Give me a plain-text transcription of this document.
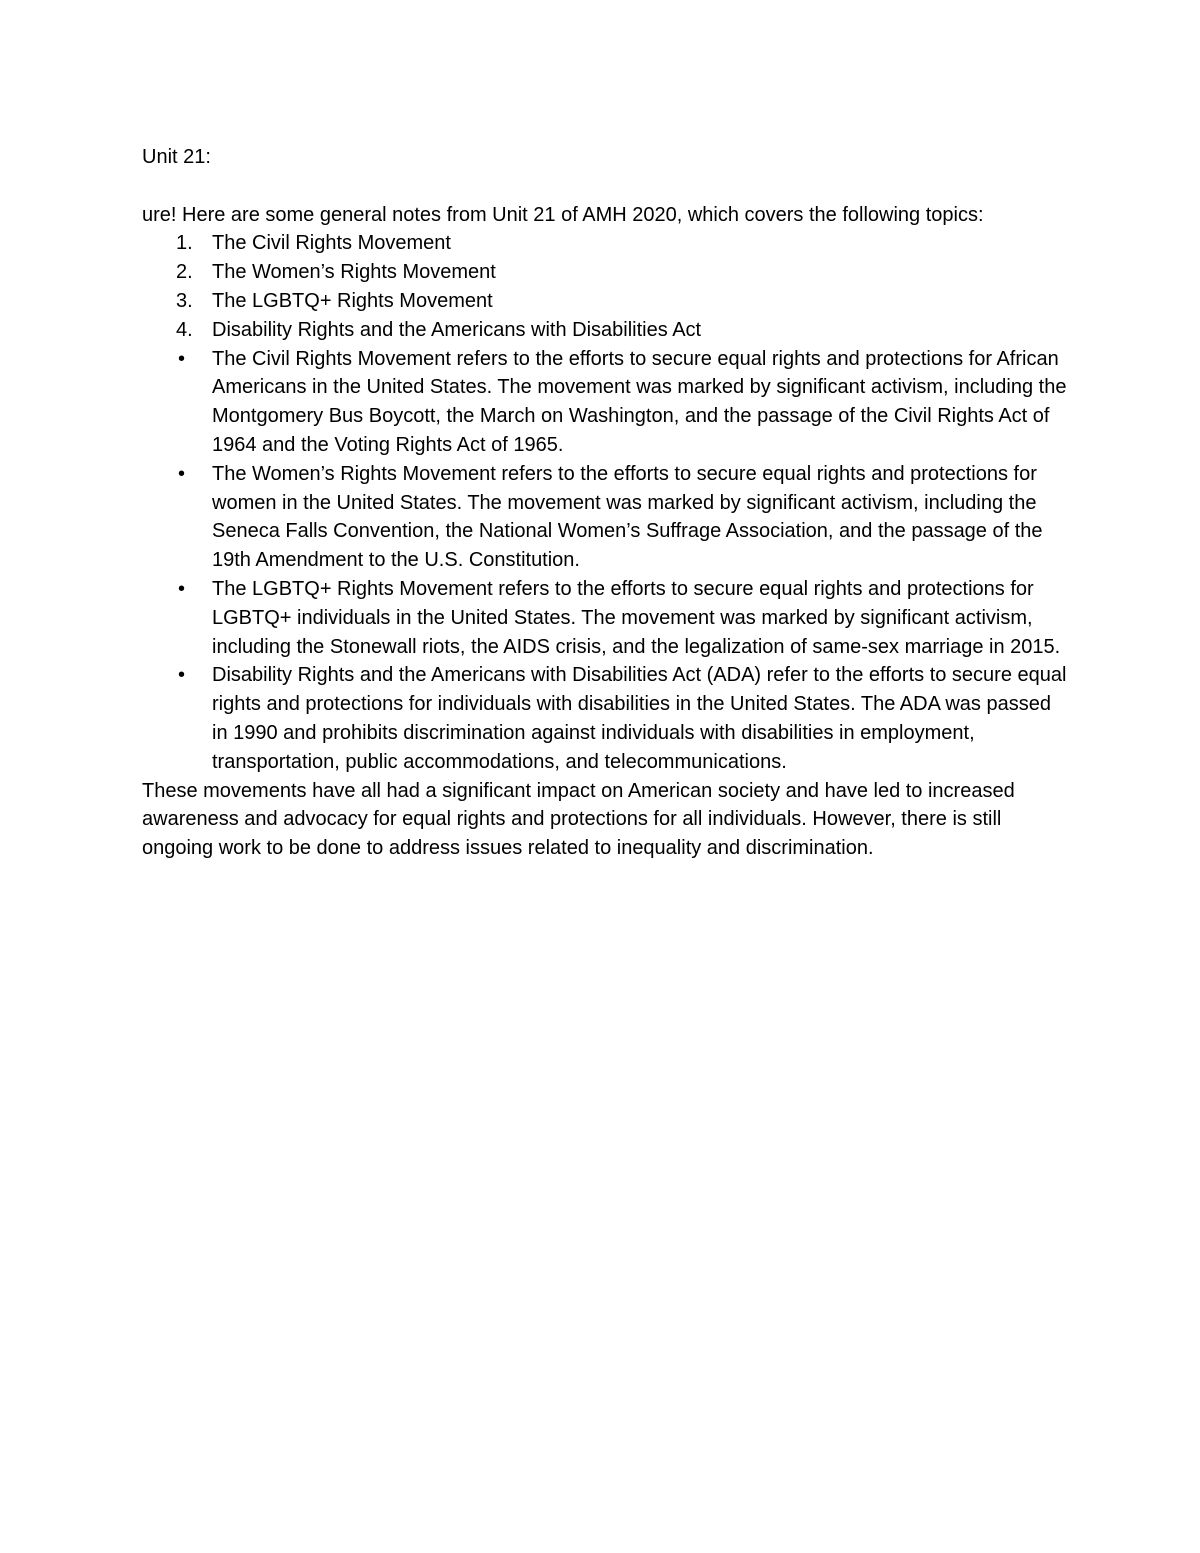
Unit 21:

ure! Here are some general notes from Unit 21 of AMH 2020, which covers the following topics:

1. The Civil Rights Movement
2. The Women’s Rights Movement
3. The LGBTQ+ Rights Movement
4. Disability Rights and the Americans with Disabilities Act
• The Civil Rights Movement refers to the efforts to secure equal rights and protections for African Americans in the United States. The movement was marked by significant activism, including the Montgomery Bus Boycott, the March on Washington, and the passage of the Civil Rights Act of 1964 and the Voting Rights Act of 1965.
• The Women’s Rights Movement refers to the efforts to secure equal rights and protections for women in the United States. The movement was marked by significant activism, including the Seneca Falls Convention, the National Women’s Suffrage Association, and the passage of the 19th Amendment to the U.S. Constitution.
• The LGBTQ+ Rights Movement refers to the efforts to secure equal rights and protections for LGBTQ+ individuals in the United States. The movement was marked by significant activism, including the Stonewall riots, the AIDS crisis, and the legalization of same-sex marriage in 2015.
• Disability Rights and the Americans with Disabilities Act (ADA) refer to the efforts to secure equal rights and protections for individuals with disabilities in the United States. The ADA was passed in 1990 and prohibits discrimination against individuals with disabilities in employment, transportation, public accommodations, and telecommunications.

These movements have all had a significant impact on American society and have led to increased awareness and advocacy for equal rights and protections for all individuals. However, there is still ongoing work to be done to address issues related to inequality and discrimination.
